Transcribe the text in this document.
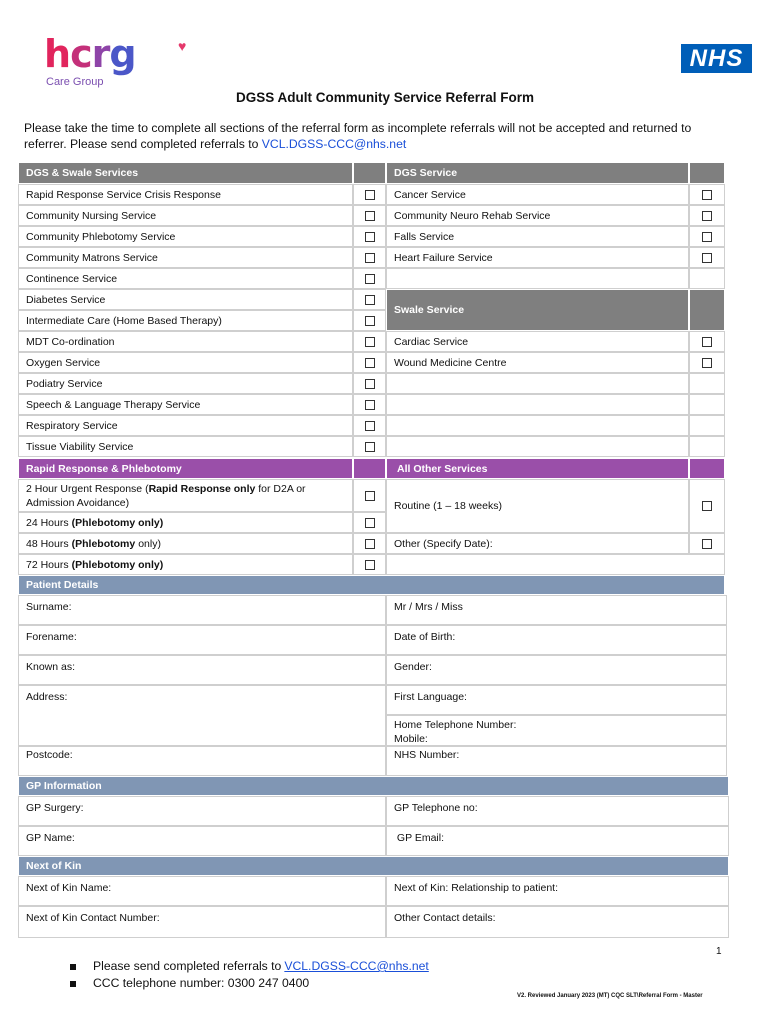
hcrg	♥
Care Group
NHS
DGSS Adult Community Service Referral Form
Please take the time to complete all sections of the referral form as incomplete referrals will not be accepted and returned to referrer. Please send completed referrals to VCL.DGSS-CCC@nhs.net
DGS & Swale Services	DGS Service
Rapid Response Service Crisis Response	Cancer Service
Community Nursing Service	Community Neuro Rehab Service
Community Phlebotomy Service	Falls Service
Community Matrons Service	Heart Failure Service
Continence Service
Diabetes Service
Intermediate Care (Home Based Therapy)
Swale Service
MDT Co-ordination	Cardiac Service
Oxygen Service	Wound Medicine Centre
Podiatry Service
Speech & Language Therapy Service
Respiratory Service
Tissue Viability Service
Rapid Response & Phlebotomy	All Other Services
2 Hour Urgent Response (Rapid Response only for D2A or Admission Avoidance)	Routine (1 – 18 weeks)
24 Hours (Phlebotomy only)
48 Hours (Phlebotomy only)	Other (Specify Date):
72 Hours (Phlebotomy only)
Patient Details
Surname:	Mr / Mrs / Miss
Forename:	Date of Birth:
Known as:	Gender:
Address:	First Language:
Home Telephone Number:
Mobile:
Postcode:	NHS Number:
GP Information
GP Surgery:	GP Telephone no:
GP Name:	GP Email:
Next of Kin
Next of Kin Name:	Next of Kin: Relationship to patient:
Next of Kin Contact Number:	Other Contact details:
1
Please send completed referrals to VCL.DGSS-CCC@nhs.net
CCC telephone number: 0300 247 0400
V2. Reviewed January 2023 (MT) CQC SLT\Referral Form - Master
